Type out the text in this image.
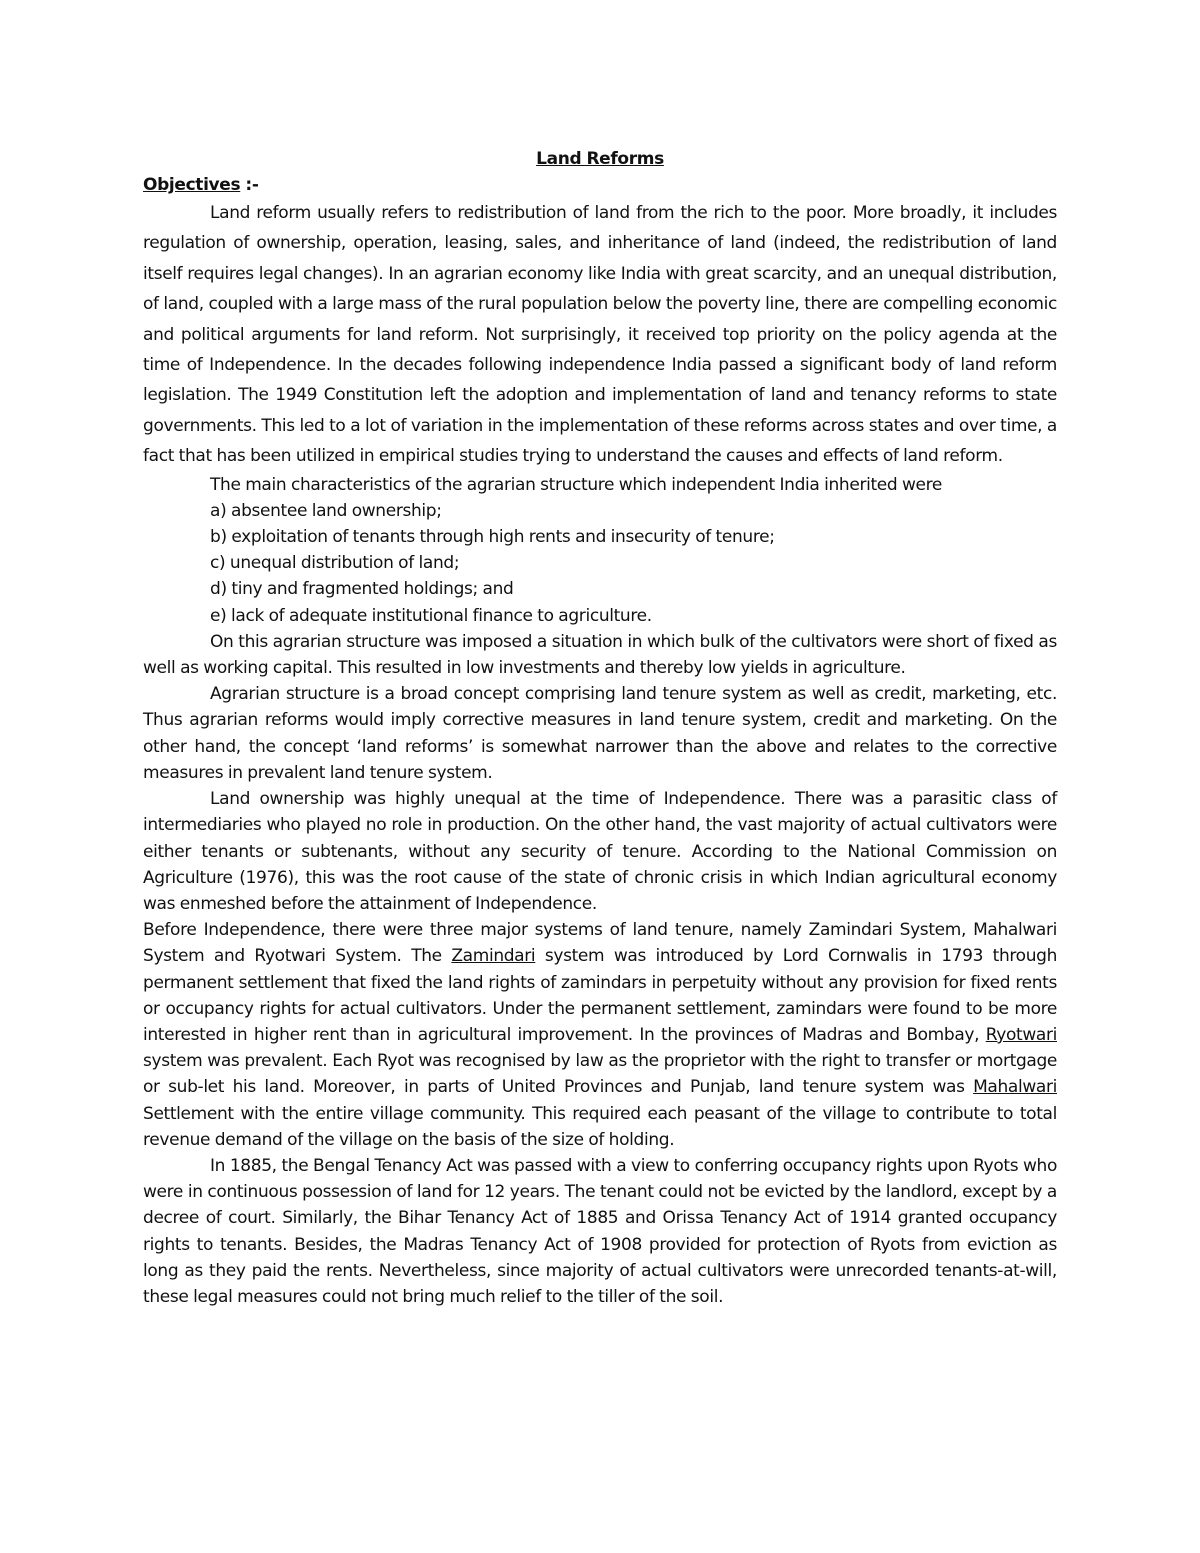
Land Reforms

Objectives :-

Land reform usually refers to redistribution of land from the rich to the poor. More broadly, it includes regulation of ownership, operation, leasing, sales, and inheritance of land (indeed, the redistribution of land itself requires legal changes). In an agrarian economy like India with great scarcity, and an unequal distribution, of land, coupled with a large mass of the rural population below the poverty line, there are compelling economic and political arguments for land reform. Not surprisingly, it received top priority on the policy agenda at the time of Independence. In the decades following independence India passed a significant body of land reform legislation. The 1949 Constitution left the adoption and implementation of land and tenancy reforms to state governments. This led to a lot of variation in the implementation of these reforms across states and over time, a fact that has been utilized in empirical studies trying to understand the causes and effects of land reform.

The main characteristics of the agrarian structure which independent India inherited were

a) absentee land ownership;
b) exploitation of tenants through high rents and insecurity of tenure;
c) unequal distribution of land;
d) tiny and fragmented holdings; and
e) lack of adequate institutional finance to agriculture.

On this agrarian structure was imposed a situation in which bulk of the cultivators were short of fixed as well as working capital. This resulted in low investments and thereby low yields in agriculture.

Agrarian structure is a broad concept comprising land tenure system as well as credit, marketing, etc. Thus agrarian reforms would imply corrective measures in land tenure system, credit and marketing. On the other hand, the concept ‘land reforms’ is somewhat narrower than the above and relates to the corrective measures in prevalent land tenure system.

Land ownership was highly unequal at the time of Independence. There was a parasitic class of intermediaries who played no role in production. On the other hand, the vast majority of actual cultivators were either tenants or subtenants, without any security of tenure. According to the National Commission on Agriculture (1976), this was the root cause of the state of chronic crisis in which Indian agricultural economy was enmeshed before the attainment of Independence.

Before Independence, there were three major systems of land tenure, namely Zamindari System, Mahalwari System and Ryotwari System. The Zamindari system was introduced by Lord Cornwalis in 1793 through permanent settlement that fixed the land rights of zamindars in perpetuity without any provision for fixed rents or occupancy rights for actual cultivators. Under the permanent settlement, zamindars were found to be more interested in higher rent than in agricultural improvement. In the provinces of Madras and Bombay, Ryotwari system was prevalent. Each Ryot was recognised by law as the proprietor with the right to transfer or mortgage or sub-let his land. Moreover, in parts of United Provinces and Punjab, land tenure system was Mahalwari Settlement with the entire village community. This required each peasant of the village to contribute to total revenue demand of the village on the basis of the size of holding.

In 1885, the Bengal Tenancy Act was passed with a view to conferring occupancy rights upon Ryots who were in continuous possession of land for 12 years. The tenant could not be evicted by the landlord, except by a decree of court. Similarly, the Bihar Tenancy Act of 1885 and Orissa Tenancy Act of 1914 granted occupancy rights to tenants. Besides, the Madras Tenancy Act of 1908 provided for protection of Ryots from eviction as long as they paid the rents. Nevertheless, since majority of actual cultivators were unrecorded tenants-at-will, these legal measures could not bring much relief to the tiller of the soil.
